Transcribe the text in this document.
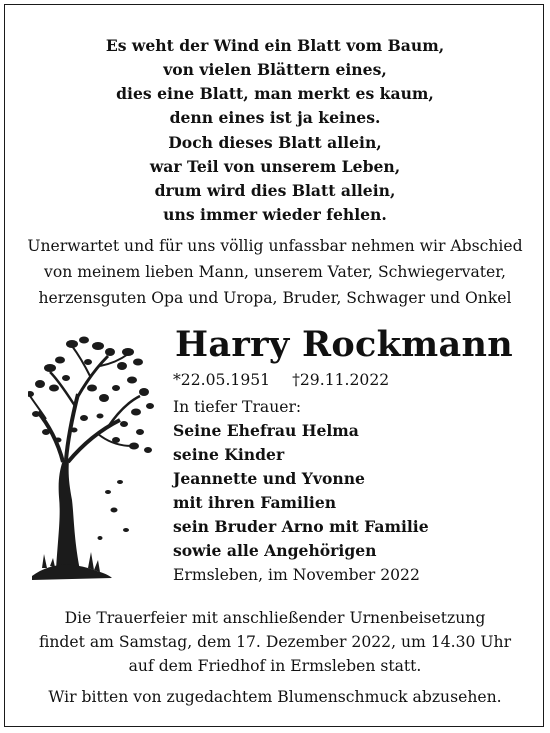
Es weht der Wind ein Blatt vom Baum,
von vielen Blättern eines,
dies eine Blatt, man merkt es kaum,
denn eines ist ja keines.
Doch dieses Blatt allein,
war Teil von unserem Leben,
drum wird dies Blatt allein,
uns immer wieder fehlen.
Unerwartet und für uns völlig unfassbar nehmen wir Abschied
von meinem lieben Mann, unserem Vater, Schwiegervater,
herzensguten Opa und Uropa, Bruder, Schwager und Onkel
Harry Rockmann
*22.05.1951 †29.11.2022
In tiefer Trauer:
Seine Ehefrau Helma
seine Kinder
Jeannette und Yvonne
mit ihren Familien
sein Bruder Arno mit Familie
sowie alle Angehörigen
Ermsleben, im November 2022
Die Trauerfeier mit anschließender Urnenbeisetzung
findet am Samstag, dem 17. Dezember 2022, um 14.30 Uhr
auf dem Friedhof in Ermsleben statt.
Wir bitten von zugedachtem Blumenschmuck abzusehen.
